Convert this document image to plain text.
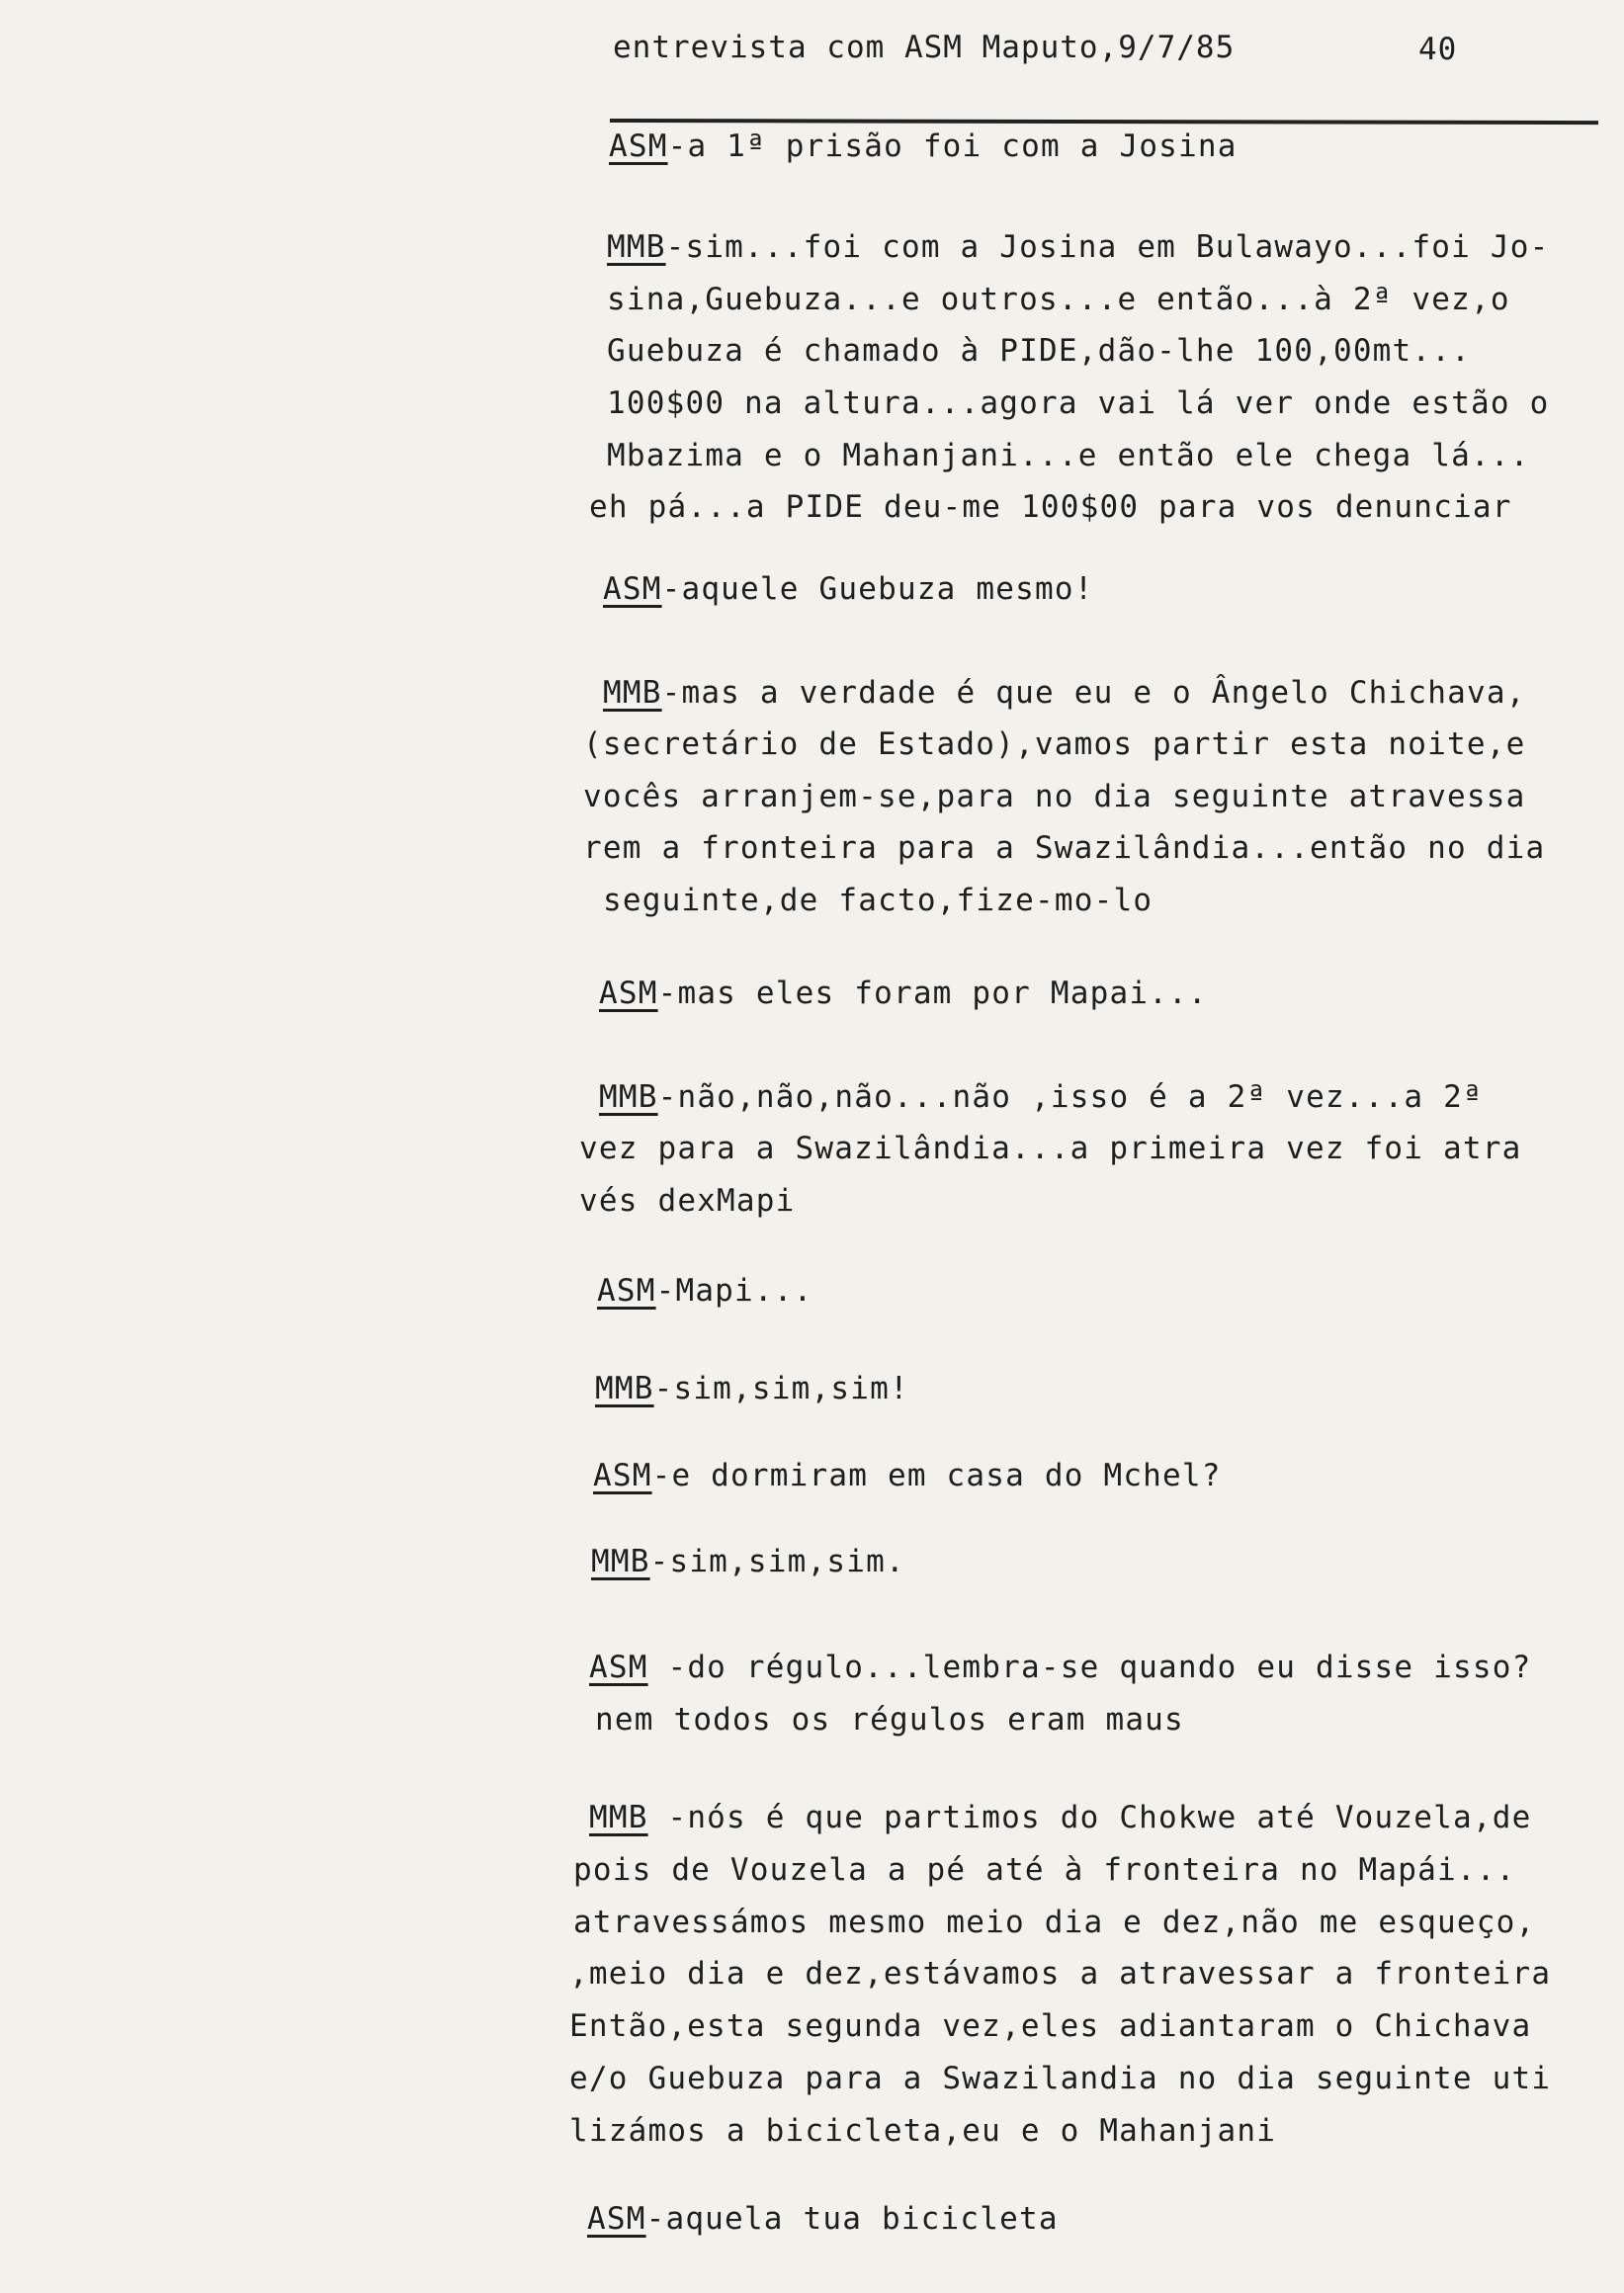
entrevista com ASM Maputo,9/7/85	40
ASM-a 1ª prisão foi com a Josina
MMB-sim...foi com a Josina em Bulawayo...foi Jo-
sina,Guebuza...e outros...e então...à 2ª vez,o
Guebuza é chamado à PIDE,dão-lhe 100,00mt...
100$00 na altura...agora vai lá ver onde estão o
Mbazima e o Mahanjani...e então ele chega lá...
eh pá...a PIDE deu-me 100$00 para vos denunciar
ASM-aquele Guebuza mesmo!
MMB-mas a verdade é que eu e o Ângelo Chichava,
(secretário de Estado),vamos partir esta noite,e
vocês arranjem-se,para no dia seguinte atravessa
rem a fronteira para a Swazilândia...então no dia
seguinte,de facto,fize-mo-lo
ASM-mas eles foram por Mapai...
MMB-não,não,não...não ,isso é a 2ª vez...a 2ª
vez para a Swazilândia...a primeira vez foi atra
vés dexMapi
ASM-Mapi...
MMB-sim,sim,sim!
ASM-e dormiram em casa do Mchel?
MMB-sim,sim,sim.
ASM -do régulo...lembra-se quando eu disse isso?
nem todos os régulos eram maus
MMB -nós é que partimos do Chokwe até Vouzela,de
pois de Vouzela a pé até à fronteira no Mapái...
atravessámos mesmo meio dia e dez,não me esqueço,
,meio dia e dez,estávamos a atravessar a fronteira
Então,esta segunda vez,eles adiantaram o Chichava
e/o Guebuza para a Swazilandia no dia seguinte uti
lizámos a bicicleta,eu e o Mahanjani
ASM-aquela tua bicicleta
